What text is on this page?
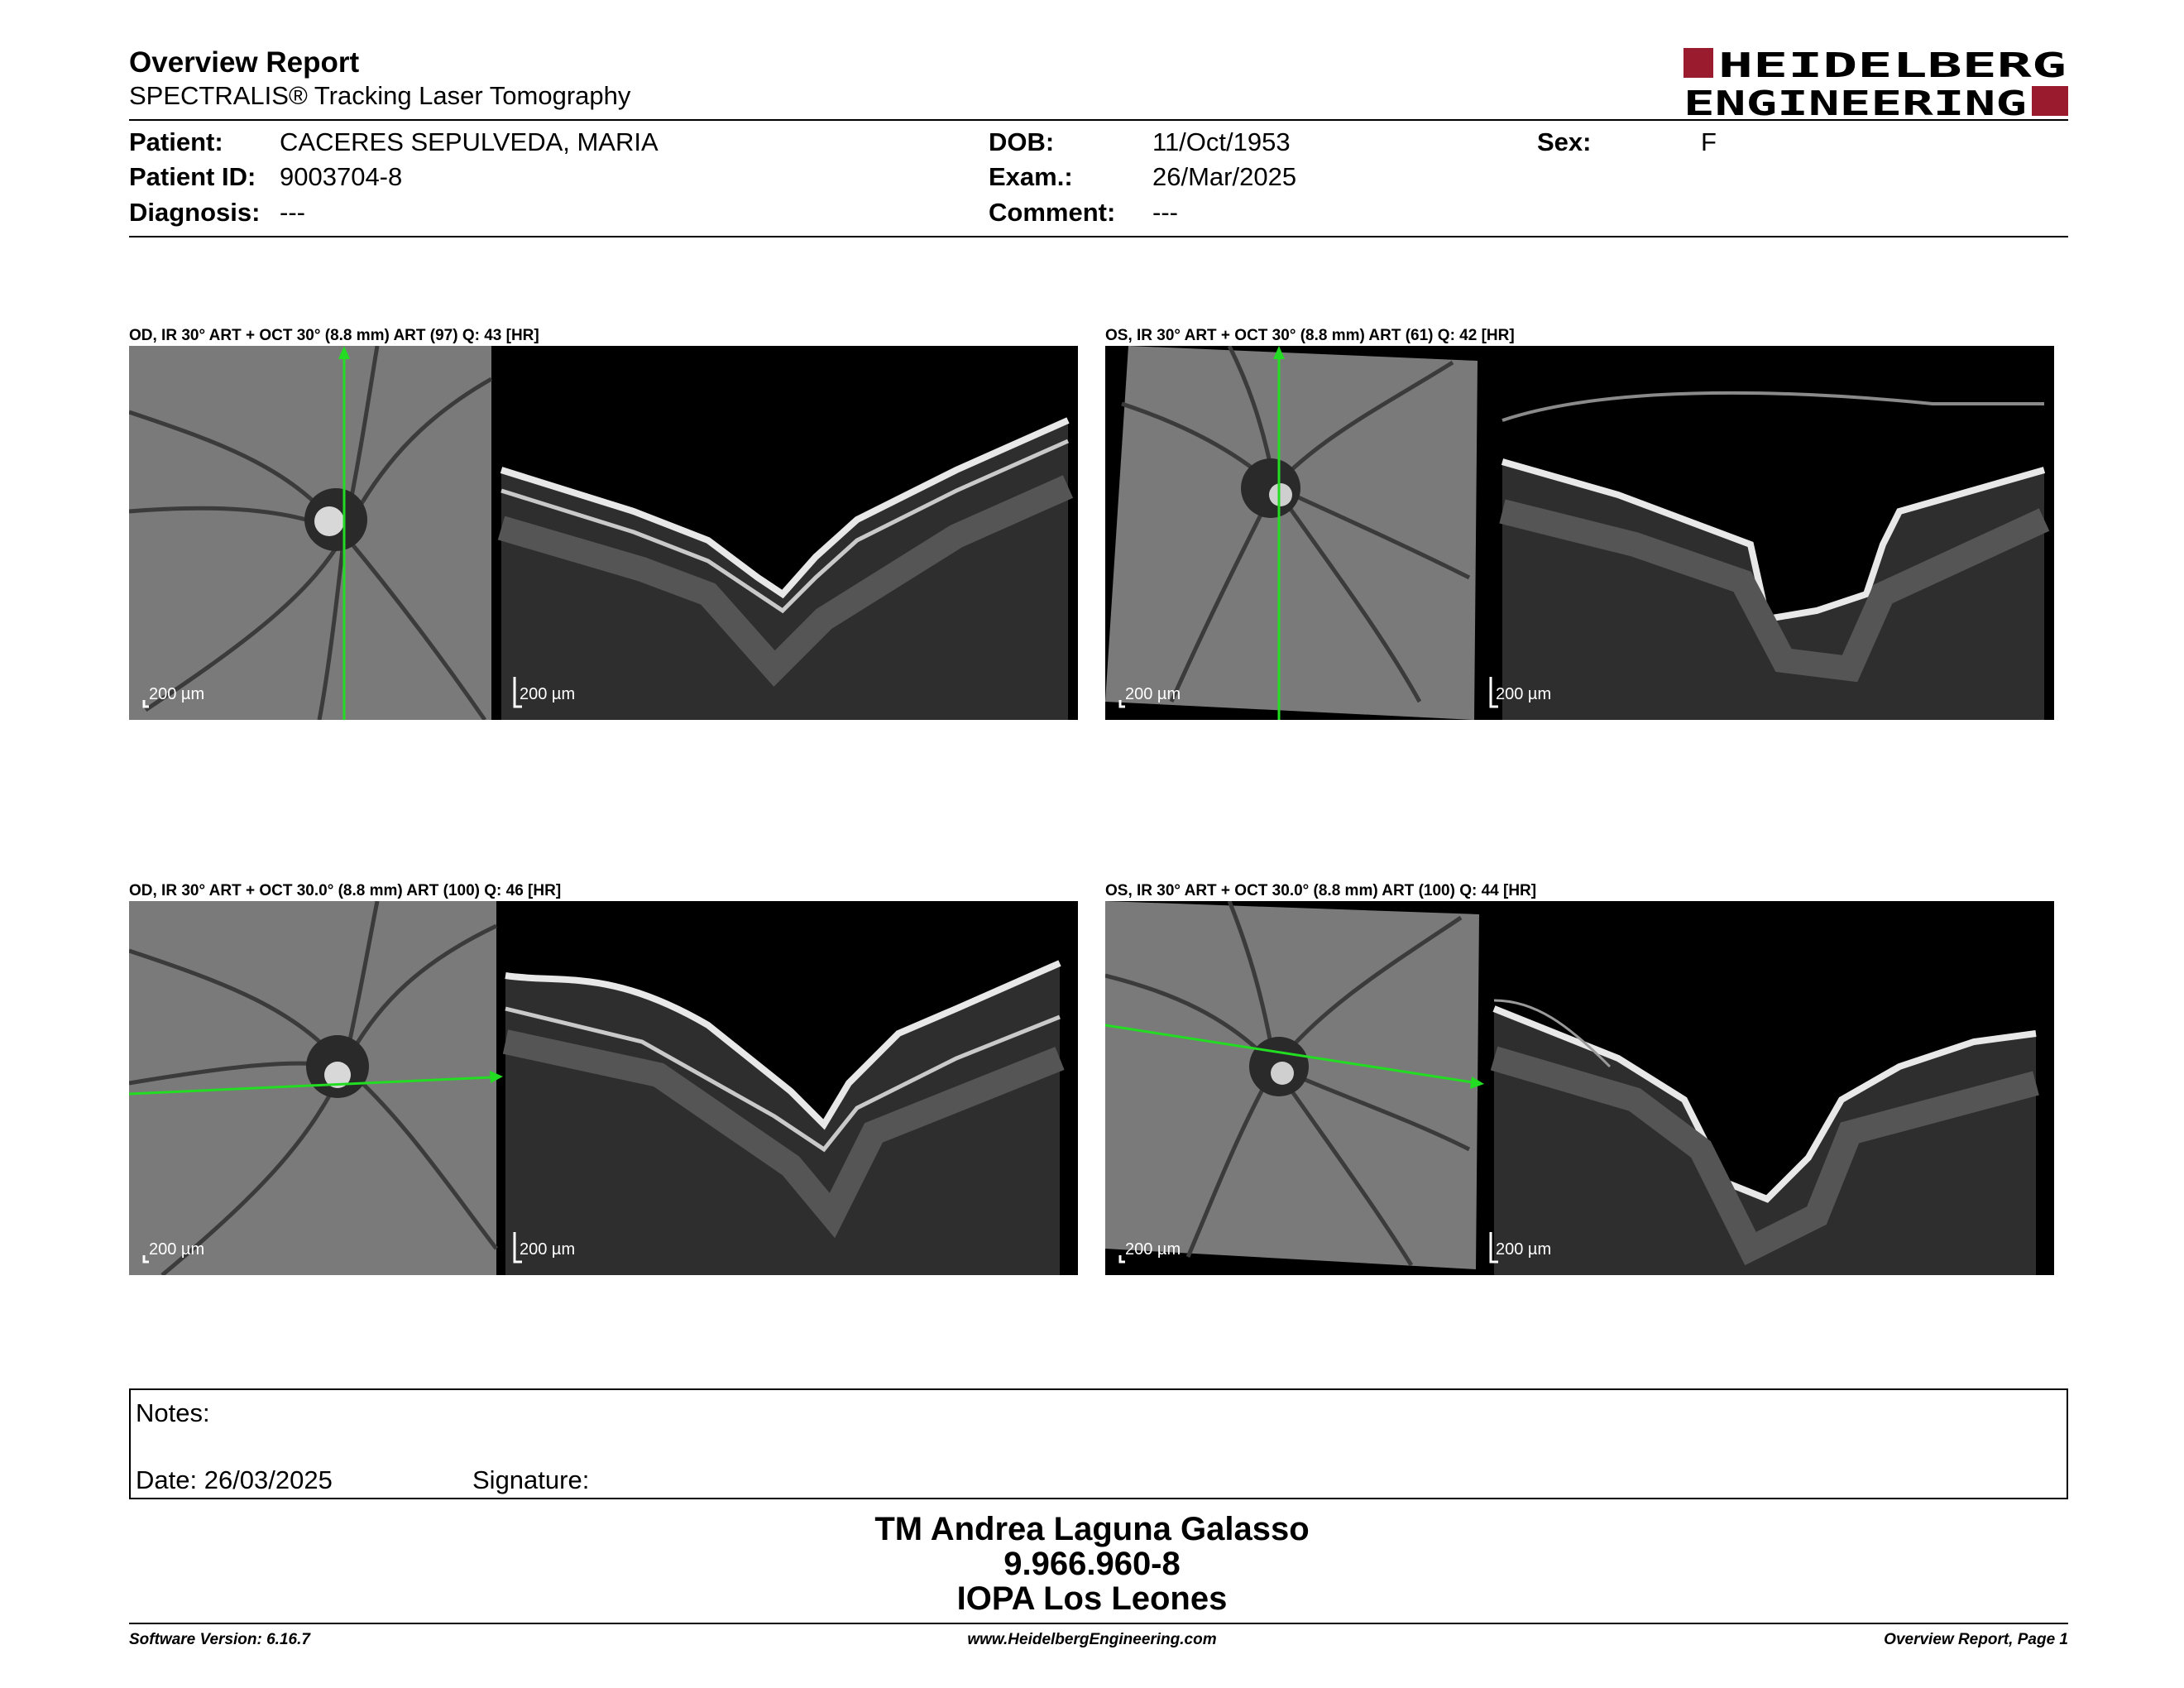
Overview Report
SPECTRALIS® Tracking Laser Tomography
HEIDELBERG
ENGINEERING
Patient: CACERES SEPULVEDA, MARIA
Patient ID: 9003704-8
Diagnosis: ---
DOB:	11/Oct/1953
Exam.:	26/Mar/2025
Comment: ---
Sex:	F
OD, IR 30° ART + OCT 30° (8.8 mm) ART (97) Q: 43 [HR]
200 µm	200 µm
OS, IR 30° ART + OCT 30° (8.8 mm) ART (61) Q: 42 [HR]
200 µm	200 µm
OD, IR 30° ART + OCT 30.0° (8.8 mm) ART (100) Q: 46 [HR]
200 µm	200 µm
OS, IR 30° ART + OCT 30.0° (8.8 mm) ART (100) Q: 44 [HR]
200 µm	200 µm
Notes:
Date: 26/03/2025	Signature:
TM Andrea Laguna Galasso
9.966.960-8
IOPA Los Leones
Software Version: 6.16.7	www.HeidelbergEngineering.com	Overview Report, Page 1
